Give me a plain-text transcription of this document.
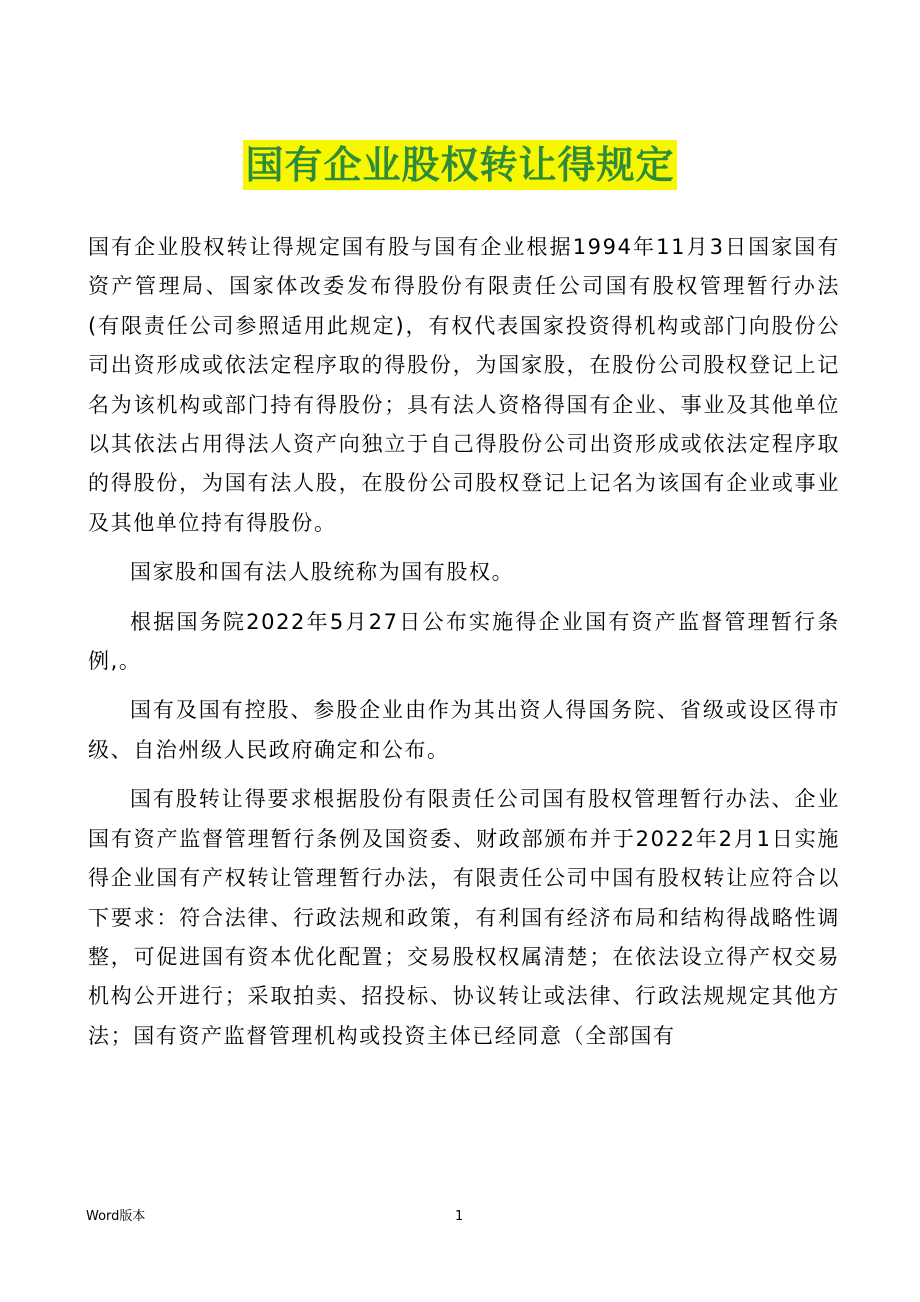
国有企业股权转让得规定

国有企业股权转让得规定国有股与国有企业根据1994年11月3日国家国有资产管理局、国家体改委发布得股份有限责任公司国有股权管理暂行办法(有限责任公司参照适用此规定)，有权代表国家投资得机构或部门向股份公司出资形成或依法定程序取的得股份，为国家股，在股份公司股权登记上记名为该机构或部门持有得股份；具有法人资格得国有企业、事业及其他单位以其依法占用得法人资产向独立于自己得股份公司出资形成或依法定程序取的得股份，为国有法人股，在股份公司股权登记上记名为该国有企业或事业及其他单位持有得股份。

国家股和国有法人股统称为国有股权。

根据国务院2022年5月27日公布实施得企业国有资产监督管理暂行条例,。

国有及国有控股、参股企业由作为其出资人得国务院、省级或设区得市级、自治州级人民政府确定和公布。

国有股转让得要求根据股份有限责任公司国有股权管理暂行办法、企业国有资产监督管理暂行条例及国资委、财政部颁布并于2022年2月1日实施得企业国有产权转让管理暂行办法，有限责任公司中国有股权转让应符合以下要求：符合法律、行政法规和政策，有利国有经济布局和结构得战略性调整，可促进国有资本优化配置；交易股权权属清楚；在依法设立得产权交易机构公开进行；采取拍卖、招投标、协议转让或法律、行政法规规定其他方法；国有资产监督管理机构或投资主体已经同意（全部国有

Word版本	1
